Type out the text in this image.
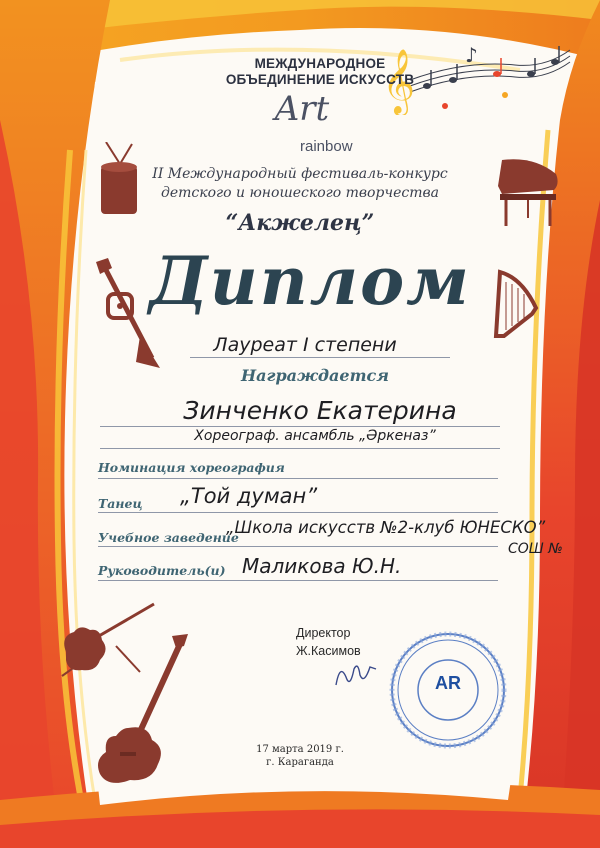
♪
𝄞
МЕЖДУНАРОДНОЕ
ОБЪЕДИНЕНИЕ ИСКУССТВ
Art
rainbow
II Международный фестиваль-конкурс
детского и юношеского творчества
“Акжелең”
Диплом
Лауреат I степени
Награждается
Зинченко Екатерина
Хореограф. ансамбль „Әркеназ”
Номинация хореография
Танец „Той думан”
Учебное заведение
„Школа искусств №2-клуб ЮНЕСКО”
СОШ №
Руководитель(и) Маликова Ю.Н.
Директор
Ж.Касимов
AR
17 марта 2019 г.
г. Караганда
